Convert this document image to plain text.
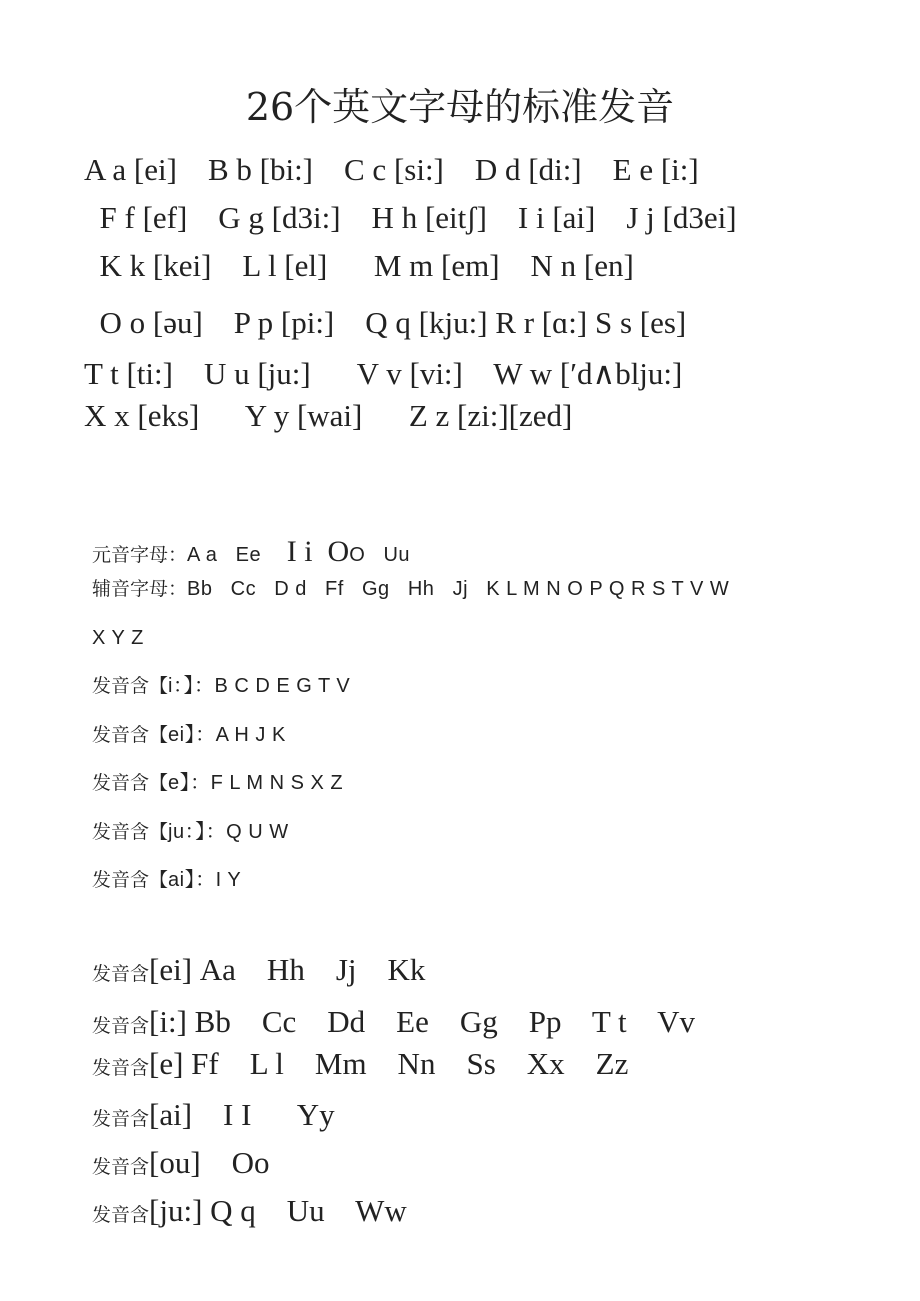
26个英文字母的标准发音
A a [ei]    B b [bi:]    C c [si:]    D d [di:]    E e [i:]
F f [ef]    G g [d3i:]    H h [eitʃ]    I i [ai]    J j [d3ei]
K k [kei]    L l [el]      M m [em]    N n [en]
O o [əu]    P p [pi:]    Q q [kju:] R r [ɑ:] S s [es]
T t [ti:]    U u [ju:]      V v [vi:]    W w [′d∧blju:]
X x [eks]      Y y [wai]      Z z [zi:][zed]

元音字母：A a   Ee    I i  OO   Uu

辅音字母：Bb   Cc   D d   Ff   Gg   Hh   Jj   K L M N O P Q R S T V W

X Y Z

发音含【i：】：B C D E G T V

发音含【ei】：A H J K

发音含【e】：F L M N S X Z

发音含【ju：】：Q U W

发音含【ai】：I Y

发音含[ei] Aa    Hh    Jj    Kk

发音含[i:] Bb    Cc    Dd    Ee    Gg    Pp    T t    Vv

发音含[e] Ff    L l    Mm    Nn    Ss    Xx    Zz

发音含[ai]    I I      Yy

发音含[ou]    Oo

发音含[ju:] Q q    Uu    Ww
